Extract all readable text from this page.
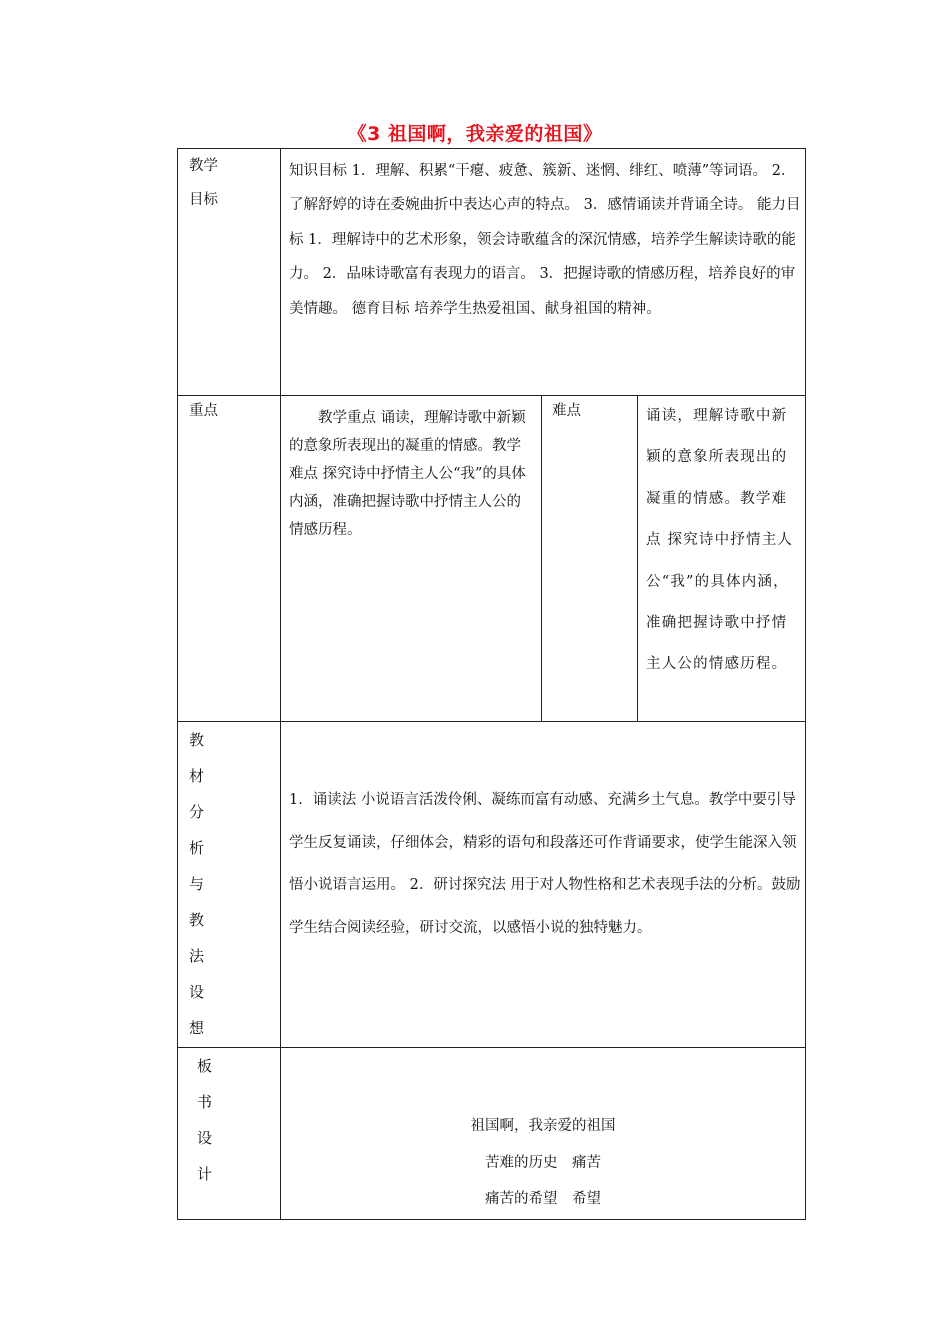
《3 祖国啊，我亲爱的祖国》
教学
目标
知识目标 1．理解、积累“干瘪、疲惫、簇新、迷惘、绯红、喷薄”等词语。 2．了解舒婷的诗在委婉曲折中表达心声的特点。 3．感情诵读并背诵全诗。 能力目标 1．理解诗中的艺术形象，领会诗歌蕴含的深沉情感，培养学生解读诗歌的能力。 2．品味诗歌富有表现力的语言。 3．把握诗歌的情感历程，培养良好的审美情趣。 德育目标 培养学生热爱祖国、献身祖国的精神。
重点	　　教学重点 诵读，理解诗歌中新颖的意象所表现出的凝重的情感。教学难点 探究诗中抒情主人公“我”的具体内涵，准确把握诗歌中抒情主人公的情感历程。
难点	诵读，理解诗歌中新颖的意象所表现出的凝重的情感。教学难点 探究诗中抒情主人公“我”的具体内涵，准确把握诗歌中抒情主人公的情感历程。
教
材
分
析
与
教
法
设
想
1．诵读法 小说语言活泼伶俐、凝练而富有动感、充满乡土气息。教学中要引导学生反复诵读，仔细体会，精彩的语句和段落还可作背诵要求，使学生能深入领悟小说语言运用。 2．研讨探究法 用于对人物性格和艺术表现手法的分析。鼓励学生结合阅读经验，研讨交流，以感悟小说的独特魅力。
板
书
设
计
祖国啊，我亲爱的祖国
苦难的历史　痛苦
痛苦的希望　希望
